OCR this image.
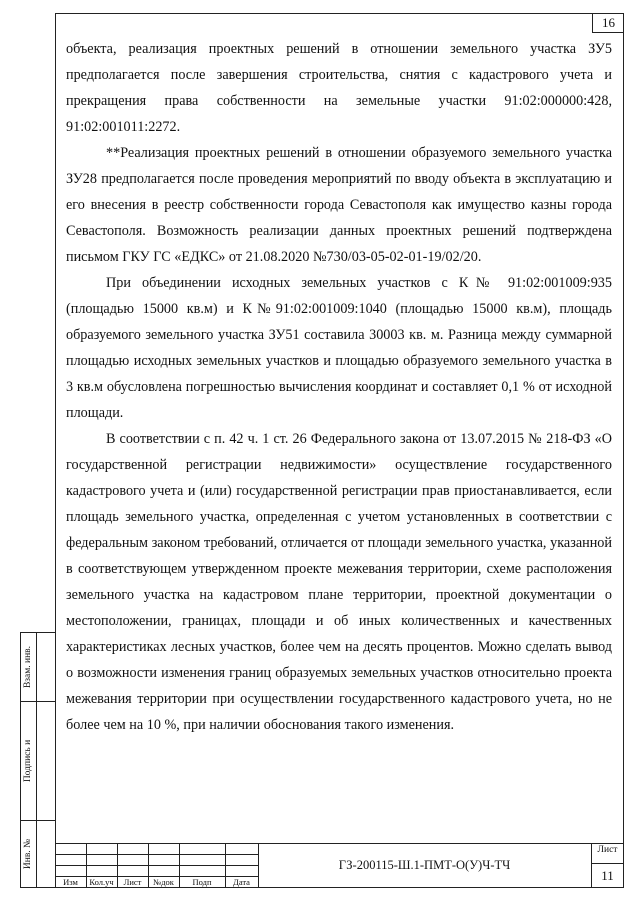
16

объекта, реализация проектных решений в отношении земельного участка ЗУ5 предполагается после завершения строительства, снятия с кадастрового учета и прекращения права собственности на земельные участки 91:02:000000:428, 91:02:001011:2272.

**Реализация проектных решений в отношении образуемого земельного участка ЗУ28 предполагается после проведения мероприятий по вводу объекта в эксплуатацию и его внесения в реестр собственности города Севастополя как имущество казны города Севастополя. Возможность реализации данных проектных решений подтверждена письмом ГКУ ГС «ЕДКС» от 21.08.2020 №730/03-05-02-01-19/02/20.

При объединении исходных земельных участков с К№ 91:02:001009:935 (площадью 15000 кв.м) и К№91:02:001009:1040 (площадью 15000 кв.м), площадь образуемого земельного участка ЗУ51 составила 30003 кв. м. Разница между суммарной площадью исходных земельных участков и площадью образуемого земельного участка в 3 кв.м обусловлена погрешностью вычисления координат и составляет 0,1 % от исходной площади.

В соответствии с п. 42 ч. 1 ст. 26 Федерального закона от 13.07.2015 № 218-ФЗ «О государственной регистрации недвижимости» осуществление государственного кадастрового учета и (или) государственной регистрации прав приостанавливается, если площадь земельного участка, определенная с учетом установленных в соответствии с федеральным законом требований, отличается от площади земельного участка, указанной в соответствующем утвержденном проекте межевания территории, схеме расположения земельного участка на кадастровом плане территории, проектной документации о местоположении, границах, площади и об иных количественных и качественных характеристиках лесных участков, более чем на десять процентов. Можно сделать вывод о возможности изменения границ образуемых земельных участков относительно проекта межевания территории при осуществлении государственного кадастрового учета, но не более чем на 10 %, при наличии обоснования такого изменения.

Взам. инв.
Подпись и
Инв. №
Изм	Кол.уч	Лист	№док	Подп	Дата
ГЗ-200115-Ш.1-ПМТ-О(У)Ч-ТЧ
Лист
11
